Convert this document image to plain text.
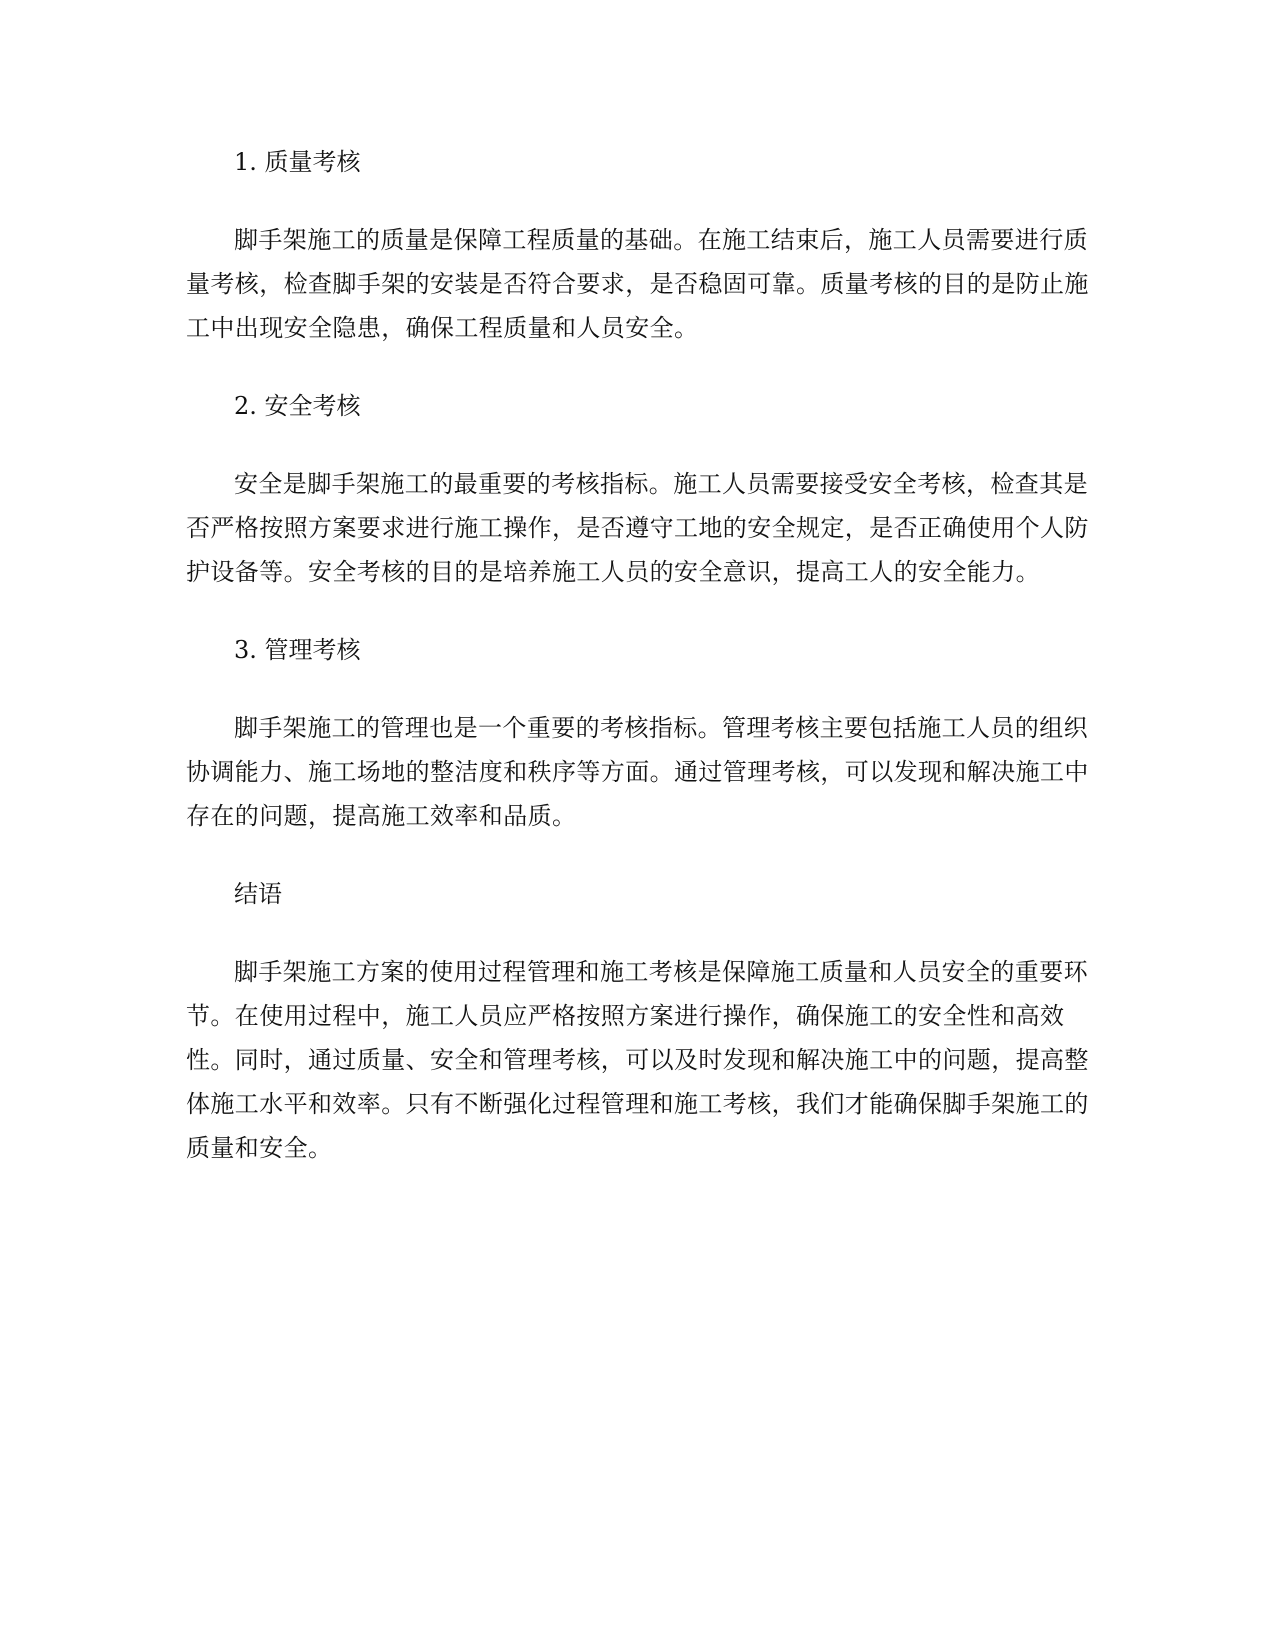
1. 质量考核

脚手架施工的质量是保障工程质量的基础。在施工结束后，施工人员需要进行质量考核，检查脚手架的安装是否符合要求，是否稳固可靠。质量考核的目的是防止施工中出现安全隐患，确保工程质量和人员安全。

2. 安全考核

安全是脚手架施工的最重要的考核指标。施工人员需要接受安全考核，检查其是否严格按照方案要求进行施工操作，是否遵守工地的安全规定，是否正确使用个人防护设备等。安全考核的目的是培养施工人员的安全意识，提高工人的安全能力。

3. 管理考核

脚手架施工的管理也是一个重要的考核指标。管理考核主要包括施工人员的组织协调能力、施工场地的整洁度和秩序等方面。通过管理考核，可以发现和解决施工中存在的问题，提高施工效率和品质。

结语

脚手架施工方案的使用过程管理和施工考核是保障施工质量和人员安全的重要环节。在使用过程中，施工人员应严格按照方案进行操作，确保施工的安全性和高效性。同时，通过质量、安全和管理考核，可以及时发现和解决施工中的问题，提高整体施工水平和效率。只有不断强化过程管理和施工考核，我们才能确保脚手架施工的质量和安全。
